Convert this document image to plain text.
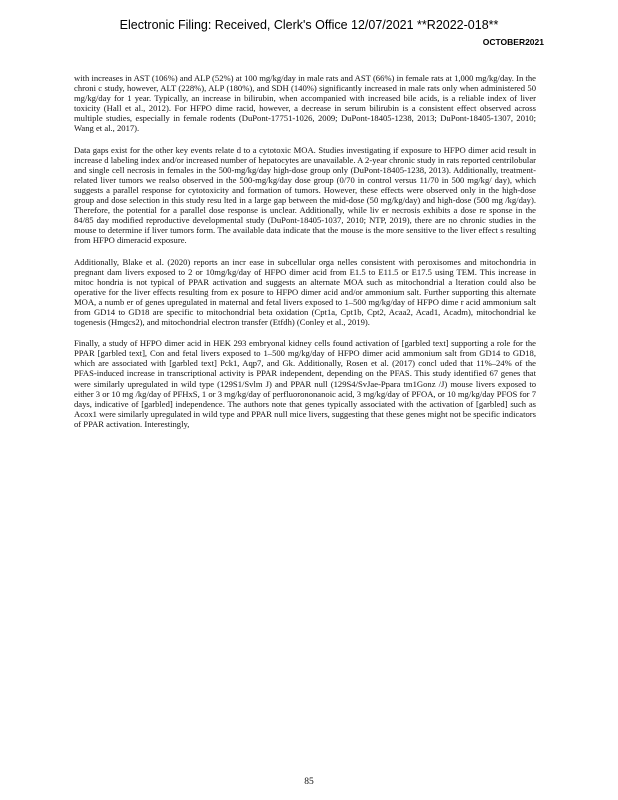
Electronic Filing: Received, Clerk's Office 12/07/2021 **R2022-018**
OCTOBER2021

with increases in AST (106%) and ALP (52%) at 100 mg/kg/day in male rats and AST (66%) in female rats at 1,000 mg/kg/day. In the chroni c study, however, ALT (228%), ALP (180%), and SDH (140%) significantly increased in male rats only when administered 50 mg/kg/day for 1 year. Typically, an increase in bilirubin, when accompanied with increased bile acids, is a reliable index of liver toxicity (Hall et al., 2012). For HFPO dime racid, however, a decrease in serum bilirubin is a consistent effect observed across multiple studies, especially in female rodents (DuPont-17751-1026, 2009; DuPont-18405-1238, 2013; DuPont-18405-1307, 2010; Wang et al., 2017).

Data gaps exist for the other key events relate d to a cytotoxic MOA. Studies investigating if exposure to HFPO dimer acid result in increase d labeling index and/or increased number of hepatocytes are unavailable. A 2-year chronic study in rats reported centrilobular and single cell necrosis in females in the 500-mg/kg/day high-dose group only (DuPont-18405-1238, 2013). Additionally, treatment-related liver tumors we realso observed in the 500-mg/kg/day dose group (0/70 in control versus 11/70 in 500 mg/kg/ day), which suggests a parallel response for cytotoxicity and formation of tumors. However, these effects were observed only in the high-dose group and dose selection in this study resu lted in a large gap between the mid-dose (50 mg/kg/day) and high-dose (500 mg /kg/day). Therefore, the potential for a parallel dose response is unclear. Additionally, while liv er necrosis exhibits a dose re sponse in the 84/85 day modified reproductive developmental study (DuPont-18405-1037, 2010; NTP, 2019), there are no chronic studies in the mouse to determine if liver tumors form. The available data indicate that the mouse is the more sensitive to the liver effect s resulting from HFPO dimeracid exposure.

Additionally, Blake et al. (2020) reports an incr ease in subcellular orga nelles consistent with peroxisomes and mitochondria in pregnant dam livers exposed to 2 or 10mg/kg/day of HFPO dimer acid from E1.5 to E11.5 or E17.5 using TEM. This increase in mitoc hondria is not typical of PPAR activation and suggests an alternate MOA such as mitochondrial a lteration could also be operative for the liver effects resulting from ex posure to HFPO dimer acid and/or ammonium salt. Further supporting this alternate MOA, a numb er of genes upregulated in maternal and fetal livers exposed to 1–500 mg/kg/day of HFPO dime r acid ammonium salt from GD14 to GD18 are specific to mitochondrial beta oxidation (Cpt1a, Cpt1b, Cpt2, Acaa2, Acad1, Acadm), mitochondrial ke togenesis (Hmgcs2), and mitochondrial electron transfer (Etfdh) (Conley et al., 2019).

Finally, a study of HFPO dimer acid in HEK 293 embryonal kidney cells found activation of [garbled text] supporting a role for the PPAR [garbled text], Con and fetal livers exposed to 1–500 mg/kg/day of HFPO dimer acid ammonium salt from GD14 to GD18, which are associated with [garbled text] Pck1, Aqp7, and Gk. Additionally, Rosen et al. (2017) concl uded that 11%–24% of the PFAS-induced increase in transcriptional activity is PPAR independent, depending on the PFAS. This study identified 67 genes that were similarly upregulated in wild type (129S1/Svlm J) and PPAR null (129S4/SvJae-Ppara tm1Gonz /J) mouse livers exposed to either 3 or 10 mg /kg/day of PFHxS, 1 or 3 mg/kg/day of perfluorononanoic acid, 3 mg/kg/day of PFOA, or 10 mg/kg/day PFOS for 7 days, indicative of [garbled] independence. The authors note that genes typically associated with the activation of [garbled] such as Acox1 were similarly upregulated in wild type and PPAR null mice livers, suggesting that these genes might not be specific indicators of PPAR activation. Interestingly,

85
